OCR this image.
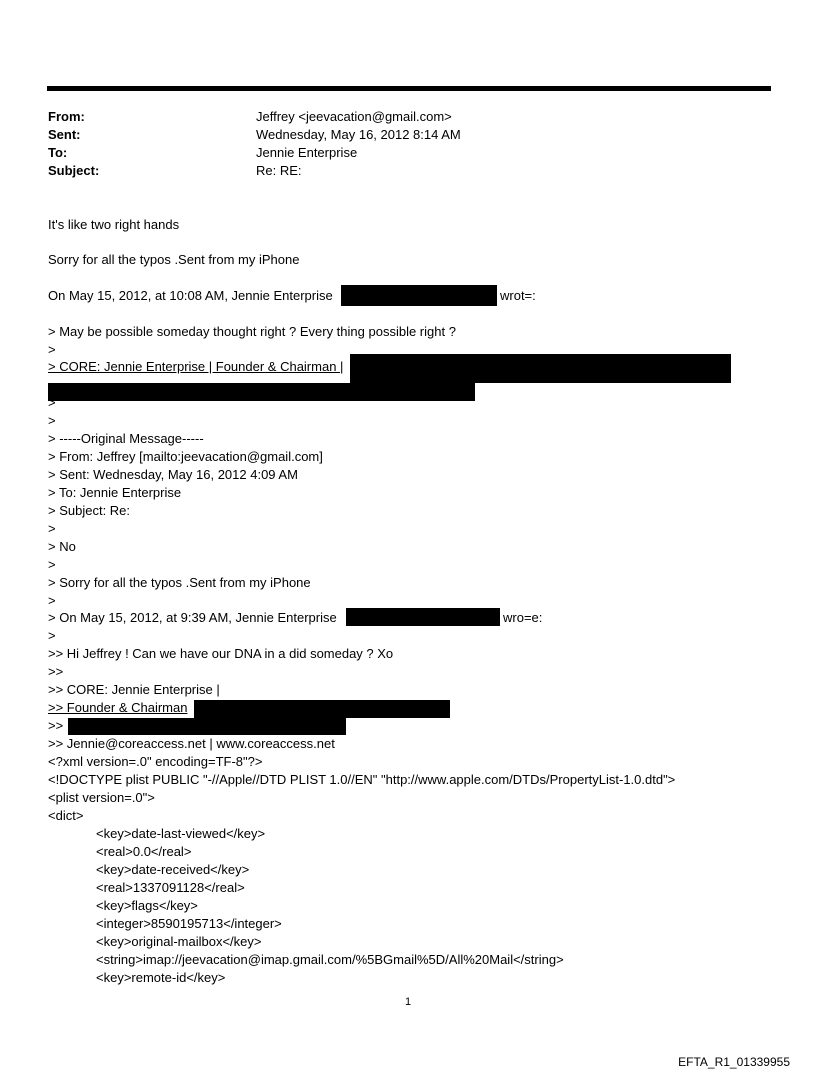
From:	Jeffrey <jeevacation@gmail.com>
Sent:	Wednesday, May 16, 2012 8:14 AM
To:	Jennie Enterprise
Subject:	Re: RE:
It's like two right hands
Sorry for all the typos .Sent from my iPhone
On May 15, 2012, at 10:08 AM, Jennie Enterprise	wrot=:
> May be possible someday thought right ? Every thing possible right ?
>
> CORE: Jennie Enterprise | Founder & Chairman |
>
>
> -----Original Message-----
> From: Jeffrey [mailto:jeevacation@gmail.com]
> Sent: Wednesday, May 16, 2012 4:09 AM
> To: Jennie Enterprise
> Subject: Re:
>
> No
>
> Sorry for all the typos .Sent from my iPhone
>
> On May 15, 2012, at 9:39 AM, Jennie Enterprise	wro=e:
>
>> Hi Jeffrey ! Can we have our DNA in a did someday ? Xo
>>
>> CORE: Jennie Enterprise |
>> Founder & Chairman
>>
>> Jennie@coreaccess.net | www.coreaccess.net
<?xml version=.0" encoding=TF-8"?>
<!DOCTYPE plist PUBLIC "-//Apple//DTD PLIST 1.0//EN" "http://www.apple.com/DTDs/PropertyList-1.0.dtd">
<plist version=.0">
<dict>
<key>date-last-viewed</key>
<real>0.0</real>
<key>date-received</key>
<real>1337091128</real>
<key>flags</key>
<integer>8590195713</integer>
<key>original-mailbox</key>
<string>imap://jeevacation@imap.gmail.com/%5BGmail%5D/All%20Mail</string>
<key>remote-id</key>
1
EFTA_R1_01339955
